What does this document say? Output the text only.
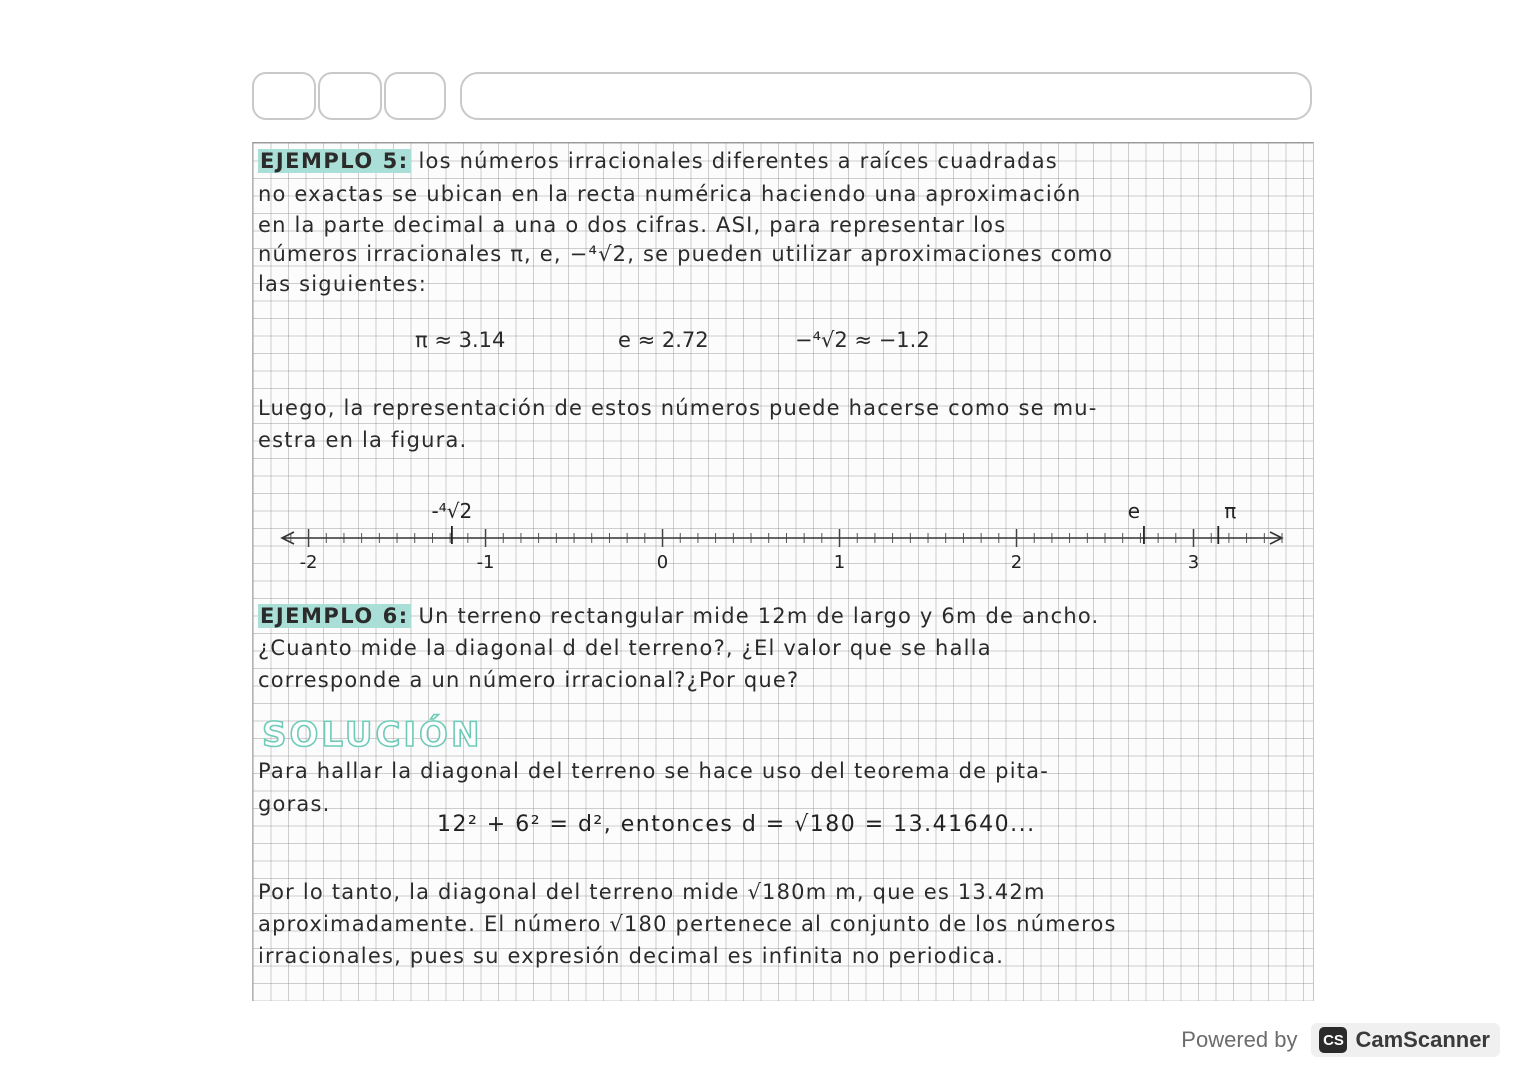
EJEMPLO 5: los números irracionales diferentes a raíces cuadradas
no exactas se ubican en la recta numérica haciendo una aproximación
en la parte decimal a una o dos cifras. ASI, para representar los
números irracionales π, e, −⁴√2, se pueden utilizar aproximaciones como
las siguientes:
π ≈ 3.14	e ≈ 2.72	−⁴√2 ≈ −1.2
Luego, la representación de estos números puede hacerse como se mu-
estra en la figura.
-2	-1	0	1	2	3
-⁴√2	e	π
EJEMPLO 6: Un terreno rectangular mide 12m de largo y 6m de ancho.
¿Cuanto mide la diagonal d del terreno?, ¿El valor que se halla
corresponde a un número irracional?¿Por que?
SOLUCIÓN
Para hallar la diagonal del terreno se hace uso del teorema de pita-
goras.
12² + 6² = d², entonces d = √180 = 13.41640...
Por lo tanto, la diagonal del terreno mide √180m m, que es 13.42m
aproximadamente. El número √180 pertenece al conjunto de los números
irracionales, pues su expresión decimal es infinita no periodica.
Powered by CS CamScanner
